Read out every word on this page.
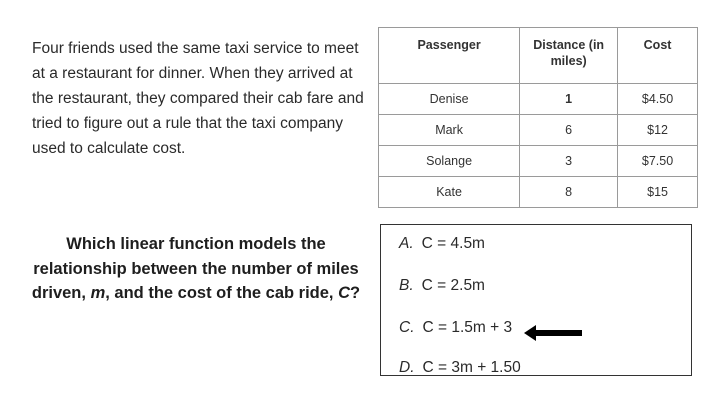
Four friends used the same taxi service to meet at a restaurant for dinner. When they arrived at the restaurant, they compared their cab fare and tried to figure out a rule that the taxi company used to calculate cost.
Which linear function models the relationship between the number of miles driven, m, and the cost of the cab ride, C?
Passenger	Distance (in miles)	Cost
Denise	1	$4.50
Mark	6	$12
Solange	3	$7.50
Kate	8	$15
A. C = 4.5m
B. C = 2.5m
C. C = 1.5m + 3
D. C = 3m + 1.50
